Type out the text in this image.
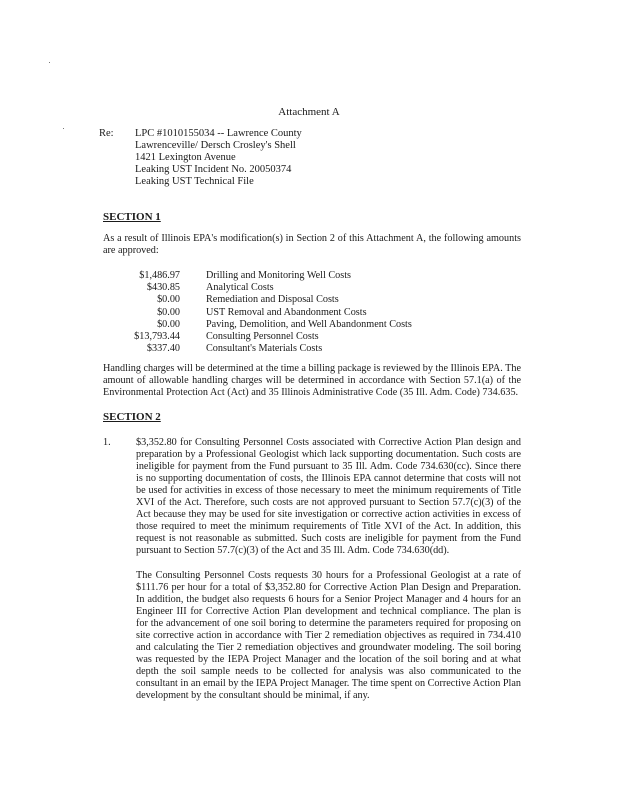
Attachment A
Re: LPC #1010155034 -- Lawrence County
Lawrenceville/ Dersch Crosley's Shell
1421 Lexington Avenue
Leaking UST Incident No. 20050374
Leaking UST Technical File
SECTION 1
As a result of Illinois EPA's modification(s) in Section 2 of this Attachment A, the following amounts are approved:
$1,486.97	Drilling and Monitoring Well Costs
$430.85	Analytical Costs
$0.00	Remediation and Disposal Costs
$0.00	UST Removal and Abandonment Costs
$0.00	Paving, Demolition, and Well Abandonment Costs
$13,793.44	Consulting Personnel Costs
$337.40	Consultant's Materials Costs
Handling charges will be determined at the time a billing package is reviewed by the Illinois EPA. The amount of allowable handling charges will be determined in accordance with Section 57.1(a) of the Environmental Protection Act (Act) and 35 Illinois Administrative Code (35 Ill. Adm. Code) 734.635.
SECTION 2
1. $3,352.80 for Consulting Personnel Costs associated with Corrective Action Plan design and preparation by a Professional Geologist which lack supporting documentation. Such costs are ineligible for payment from the Fund pursuant to 35 Ill. Adm. Code 734.630(cc). Since there is no supporting documentation of costs, the Illinois EPA cannot determine that costs will not be used for activities in excess of those necessary to meet the minimum requirements of Title XVI of the Act. Therefore, such costs are not approved pursuant to Section 57.7(c)(3) of the Act because they may be used for site investigation or corrective action activities in excess of those required to meet the minimum requirements of Title XVI of the Act. In addition, this request is not reasonable as submitted. Such costs are ineligible for payment from the Fund pursuant to Section 57.7(c)(3) of the Act and 35 Ill. Adm. Code 734.630(dd).
The Consulting Personnel Costs requests 30 hours for a Professional Geologist at a rate of $111.76 per hour for a total of $3,352.80 for Corrective Action Plan Design and Preparation. In addition, the budget also requests 6 hours for a Senior Project Manager and 4 hours for an Engineer III for Corrective Action Plan development and technical compliance. The plan is for the advancement of one soil boring to determine the parameters required for proposing on site corrective action in accordance with Tier 2 remediation objectives as required in 734.410 and calculating the Tier 2 remediation objectives and groundwater modeling. The soil boring was requested by the IEPA Project Manager and the location of the soil boring and at what depth the soil sample needs to be collected for analysis was also communicated to the consultant in an email by the IEPA Project Manager. The time spent on Corrective Action Plan development by the consultant should be minimal, if any.
